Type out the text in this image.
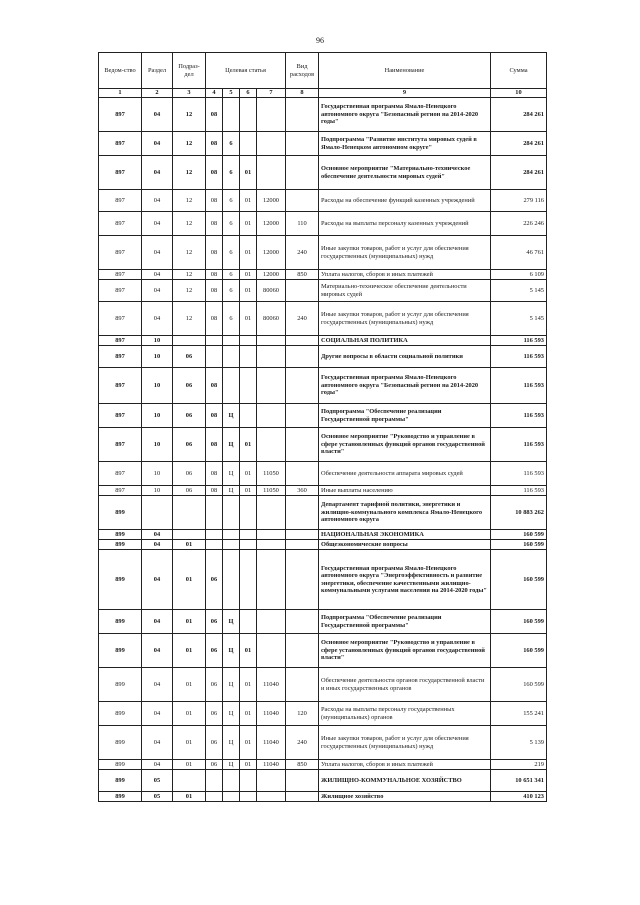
96
Ведом-ство	Раздел	Подраз-дел	Целевая статья				Вид расходов	Наименование	Сумма
1	2	3	4	5	6	7	8	9	10
897	04	12	08					Государственная программа Ямало-Ненецкого автономного округа "Безопасный регион на 2014-2020 годы"	284 261
897	04	12	08	6				Подпрограмма "Развитие института мировых судей в Ямало-Ненецком автономном округе"	284 261
897	04	12	08	6	01			Основное мероприятие "Материально-техническое обеспечение деятельности мировых судей"	284 261
897	04	12	08	6	01	12000		Расходы на обеспечение функций казенных учреждений	279 116
897	04	12	08	6	01	12000	110	Расходы на выплаты персоналу казенных учреждений	226 246
897	04	12	08	6	01	12000	240	Иные закупки товаров, работ и услуг для обеспечения государственных (муниципальных) нужд	46 761
897	04	12	08	6	01	12000	850	Уплата налогов, сборов и иных платежей	6 109
897	04	12	08	6	01	80060		Материально-техническое обеспечение деятельности мировых судей	5 145
897	04	12	08	6	01	80060	240	Иные закупки товаров, работ и услуг для обеспечения государственных (муниципальных) нужд	5 145
897	10							СОЦИАЛЬНАЯ ПОЛИТИКА	116 593
897	10	06						Другие вопросы в области социальной политики	116 593
897	10	06	08					Государственная программа Ямало-Ненецкого автономного округа "Безопасный регион на 2014-2020 годы"	116 593
897	10	06	08	Ц				Подпрограмма "Обеспечение реализации Государственной программы"	116 593
897	10	06	08	Ц	01			Основное мероприятие "Руководство и управление в сфере установленных функций органов государственной власти"	116 593
897	10	06	08	Ц	01	11050		Обеспечение деятельности аппарата мировых судей	116 593
897	10	06	08	Ц	01	11050	360	Иные выплаты населению	116 593
899								Департамент тарифной политики, энергетики и жилищно-коммунального комплекса Ямало-Ненецкого автономного округа	10 883 262
899	04							НАЦИОНАЛЬНАЯ ЭКОНОМИКА	160 599
899	04	01						Общеэкономические вопросы	160 599
899	04	01	06					Государственная программа Ямало-Ненецкого автономного округа "Энергоэффективность и развитие энергетики, обеспечение качественными жилищно-коммунальными услугами населения на 2014-2020 годы"	160 599
899	04	01	06	Ц				Подпрограмма "Обеспечение реализации Государственной программы"	160 599
899	04	01	06	Ц	01			Основное мероприятие "Руководство и управление в сфере установленных функций органов государственной власти"	160 599
899	04	01	06	Ц	01	11040		Обеспечение деятельности органов государственной власти и иных государственных органов	160 599
899	04	01	06	Ц	01	11040	120	Расходы на выплаты персоналу государственных (муниципальных) органов	155 241
899	04	01	06	Ц	01	11040	240	Иные закупки товаров, работ и услуг для обеспечения государственных (муниципальных) нужд	5 139
899	04	01	06	Ц	01	11040	850	Уплата налогов, сборов и иных платежей	219
899	05							ЖИЛИЩНО-КОММУНАЛЬНОЕ ХОЗЯЙСТВО	10 651 341
899	05	01						Жилищное хозяйство	410 123
